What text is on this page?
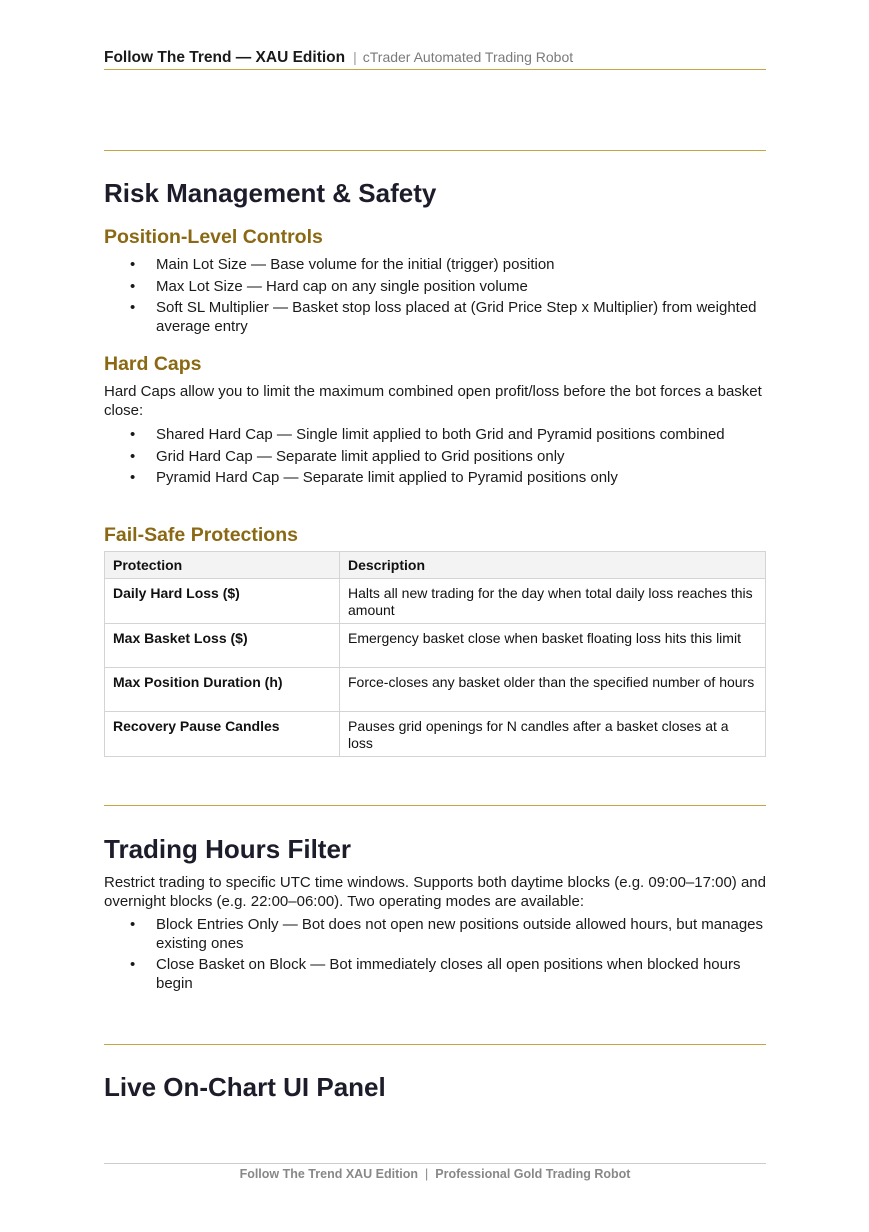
Follow The Trend — XAU Edition | cTrader Automated Trading Robot
Risk Management & Safety
Position-Level Controls
• Main Lot Size — Base volume for the initial (trigger) position
• Max Lot Size — Hard cap on any single position volume
• Soft SL Multiplier — Basket stop loss placed at (Grid Price Step x Multiplier) from weighted average entry
Hard Caps

Hard Caps allow you to limit the maximum combined open profit/loss before the bot forces a basket close:

• Shared Hard Cap — Single limit applied to both Grid and Pyramid positions combined
• Grid Hard Cap — Separate limit applied to Grid positions only
• Pyramid Hard Cap — Separate limit applied to Pyramid positions only
Fail-Safe Protections
Protection	Description
Daily Hard Loss ($)	Halts all new trading for the day when total daily loss reaches this amount
Max Basket Loss ($)	Emergency basket close when basket floating loss hits this limit
Max Position Duration (h)	Force-closes any basket older than the specified number of hours
Recovery Pause Candles	Pauses grid openings for N candles after a basket closes at a loss
Trading Hours Filter

Restrict trading to specific UTC time windows. Supports both daytime blocks (e.g. 09:00–17:00) and overnight blocks (e.g. 22:00–06:00). Two operating modes are available:

• Block Entries Only — Bot does not open new positions outside allowed hours, but manages existing ones
• Close Basket on Block — Bot immediately closes all open positions when blocked hours begin
Live On-Chart UI Panel
Follow The Trend XAU Edition | Professional Gold Trading Robot
